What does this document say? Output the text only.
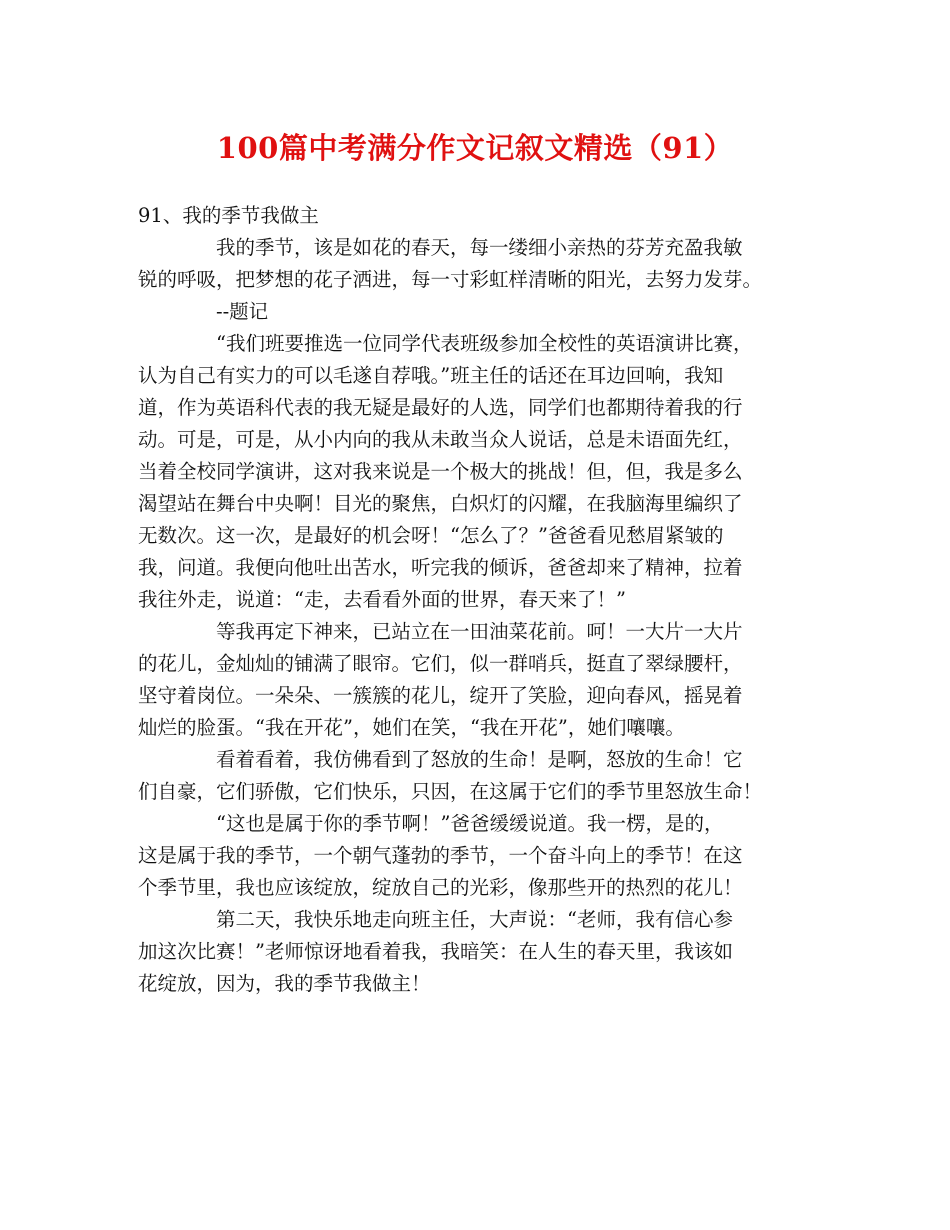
100篇中考满分作文记叙文精选（91）
91、我的季节我做主
我的季节，该是如花的春天，每一缕细小亲热的芬芳充盈我敏
锐的呼吸，把梦想的花子洒进，每一寸彩虹样清晰的阳光，去努力发芽。
--题记
“我们班要推选一位同学代表班级参加全校性的英语演讲比赛，
认为自己有实力的可以毛遂自荐哦。”班主任的话还在耳边回响，我知
道，作为英语科代表的我无疑是最好的人选，同学们也都期待着我的行
动。可是，可是，从小内向的我从未敢当众人说话，总是未语面先红，
当着全校同学演讲，这对我来说是一个极大的挑战！但，但，我是多么
渴望站在舞台中央啊！目光的聚焦，白炽灯的闪耀，在我脑海里编织了
无数次。这一次，是最好的机会呀！“怎么了？”爸爸看见愁眉紧皱的
我，问道。我便向他吐出苦水，听完我的倾诉，爸爸却来了精神，拉着
我往外走，说道：“走，去看看外面的世界，春天来了！”
等我再定下神来，已站立在一田油菜花前。呵！一大片一大片
的花儿，金灿灿的铺满了眼帘。它们，似一群哨兵，挺直了翠绿腰杆，
坚守着岗位。一朵朵、一簇簇的花儿，绽开了笑脸，迎向春风，摇晃着
灿烂的脸蛋。“我在开花”，她们在笑，“我在开花”，她们嚷嚷。
看着看着，我仿佛看到了怒放的生命！是啊，怒放的生命！它
们自豪，它们骄傲，它们快乐，只因，在这属于它们的季节里怒放生命！
“这也是属于你的季节啊！”爸爸缓缓说道。我一楞，是的，
这是属于我的季节，一个朝气蓬勃的季节，一个奋斗向上的季节！在这
个季节里，我也应该绽放，绽放自己的光彩，像那些开的热烈的花儿！
第二天，我快乐地走向班主任，大声说：“老师，我有信心参
加这次比赛！”老师惊讶地看着我，我暗笑：在人生的春天里，我该如
花绽放，因为，我的季节我做主！
